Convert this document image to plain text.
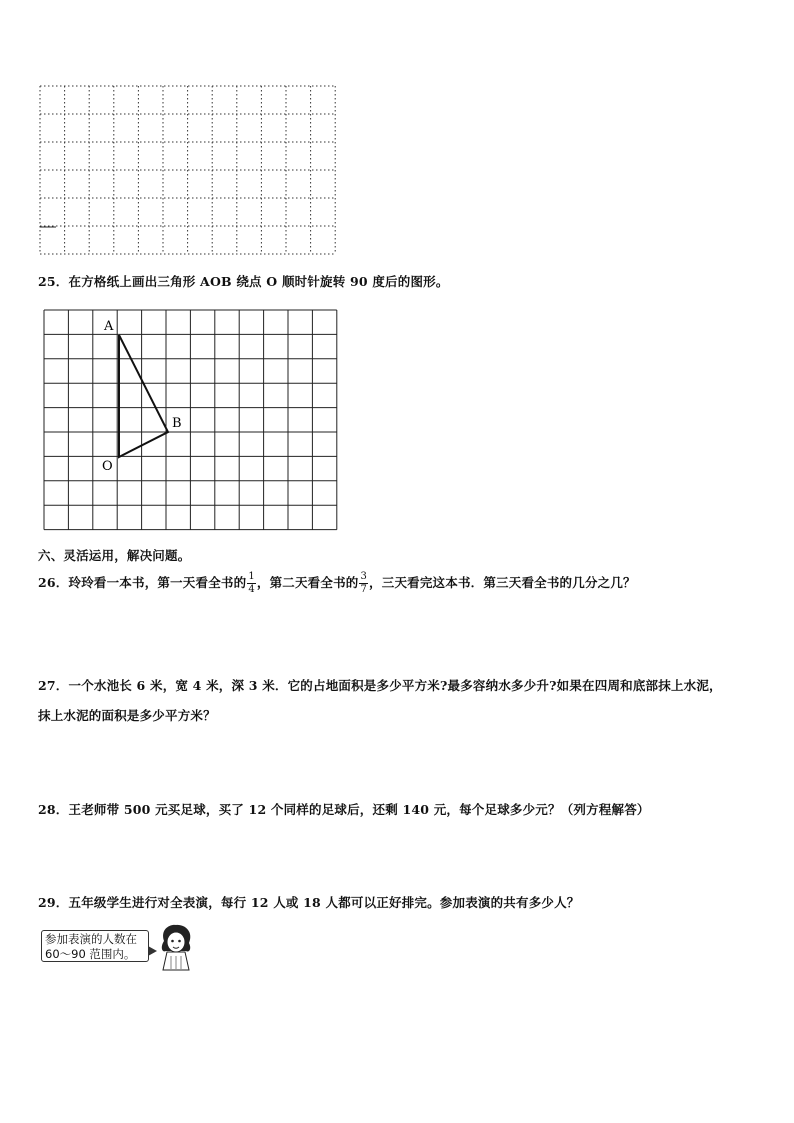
25．在方格纸上画出三角形 AOB 绕点 O 顺时针旋转 90 度后的图形。
A
B
O
六、灵活运用，解决问题。
26．玲玲看一本书，第一天看全书的 $\frac{1}{4}$ ，第二天看全书的 $\frac{3}{7}$ ，三天看完这本书．第三天看全书的几分之几？
27．一个水池长 6 米，宽 4 米，深 3 米．它的占地面积是多少平方米?最多容纳水多少升?如果在四周和底部抹上水泥，
抹上水泥的面积是多少平方米？
28．王老师带 500 元买足球，买了 12 个同样的足球后，还剩 140 元，每个足球多少元？（列方程解答）
29．五年级学生进行对全表演，每行 12 人或 18 人都可以正好排完。参加表演的共有多少人？
参加表演的人数在
60～90 范围内。
